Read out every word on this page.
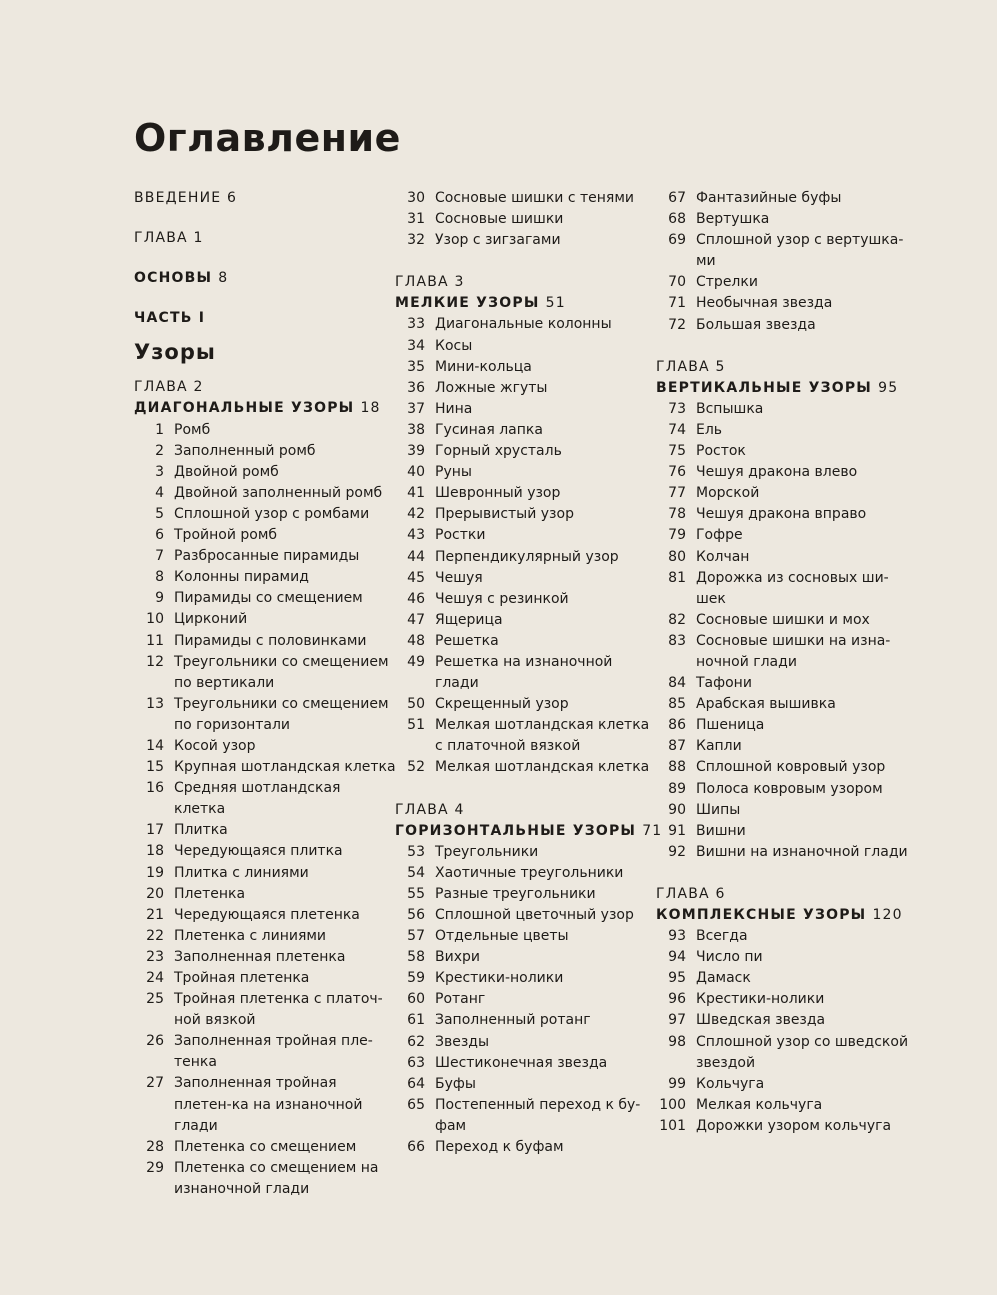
Оглавление
ВВЕДЕНИЕ 6
ГЛАВА 1
ОСНОВЫ 8
ЧАСТЬ I
Узоры
ГЛАВА 2
ДИАГОНАЛЬНЫЕ УЗОРЫ 18
1 Ромб
2 Заполненный ромб
3 Двойной ромб
4 Двойной заполненный ромб
5 Сплошной узор с ромбами
6 Тройной ромб
7 Разбросанные пирамиды
8 Колонны пирамид
9 Пирамиды со смещением
10 Цирконий
11 Пирамиды с половинками
12 Треугольники со смещением по вертикали
13 Треугольники со смещением по горизонтали
14 Косой узор
15 Крупная шотландская клетка
16 Средняя шотландская клетка
17 Плитка
18 Чередующаяся плитка
19 Плитка с линиями
20 Плетенка
21 Чередующаяся плетенка
22 Плетенка с линиями
23 Заполненная плетенка
24 Тройная плетенка
25 Тройная плетенка с платоч-ной вязкой
26 Заполненная тройная пле-тенка
27 Заполненная тройная плетен-ка на изнаночной глади
28 Плетенка со смещением
29 Плетенка со смещением на изнаночной глади
30 Сосновые шишки с тенями
31 Сосновые шишки
32 Узор с зигзагами
ГЛАВА 3
МЕЛКИЕ УЗОРЫ 51
33 Диагональные колонны
34 Косы
35 Мини-кольца
36 Ложные жгуты
37 Нина
38 Гусиная лапка
39 Горный хрусталь
40 Руны
41 Шевронный узор
42 Прерывистый узор
43 Ростки
44 Перпендикулярный узор
45 Чешуя
46 Чешуя с резинкой
47 Ящерица
48 Решетка
49 Решетка на изнаночной глади
50 Скрещенный узор
51 Мелкая шотландская клетка с платочной вязкой
52 Мелкая шотландская клетка
ГЛАВА 4
ГОРИЗОНТАЛЬНЫЕ УЗОРЫ 71
53 Треугольники
54 Хаотичные треугольники
55 Разные треугольники
56 Сплошной цветочный узор
57 Отдельные цветы
58 Вихри
59 Крестики-нолики
60 Ротанг
61 Заполненный ротанг
62 Звезды
63 Шестиконечная звезда
64 Буфы
65 Постепенный переход к бу-фам
66 Переход к буфам
67 Фантазийные буфы
68 Вертушка
69 Сплошной узор с вертушка-ми
70 Стрелки
71 Необычная звезда
72 Большая звезда
ГЛАВА 5
ВЕРТИКАЛЬНЫЕ УЗОРЫ 95
73 Вспышка
74 Ель
75 Росток
76 Чешуя дракона влево
77 Морской
78 Чешуя дракона вправо
79 Гофре
80 Колчан
81 Дорожка из сосновых ши-шек
82 Сосновые шишки и мох
83 Сосновые шишки на изна-ночной глади
84 Тафони
85 Арабская вышивка
86 Пшеница
87 Капли
88 Сплошной ковровый узор
89 Полоса ковровым узором
90 Шипы
91 Вишни
92 Вишни на изнаночной глади
ГЛАВА 6
КОМПЛЕКСНЫЕ УЗОРЫ 120
93 Всегда
94 Число пи
95 Дамаск
96 Крестики-нолики
97 Шведская звезда
98 Сплошной узор со шведской звездой
99 Кольчуга
100 Мелкая кольчуга
101 Дорожки узором кольчуга
